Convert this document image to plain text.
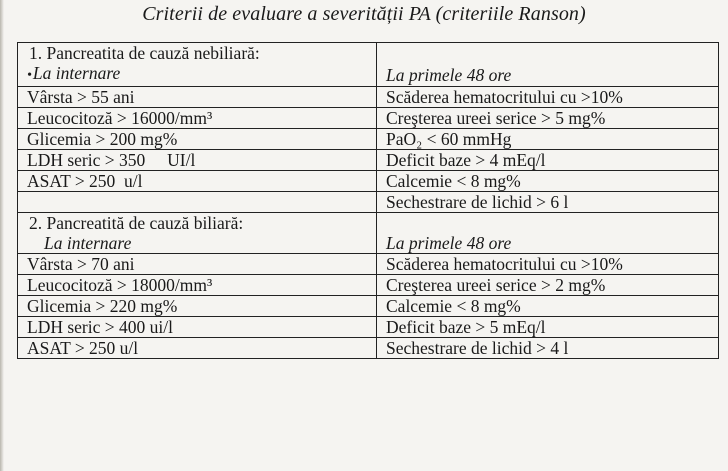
Criterii de evaluare a severității PA (criteriile Ranson)
1. Pancreatita de cauză nebiliară:	
•La internare	La primele 48 ore
Vârsta > 55 ani	Scăderea hematocritului cu >10%
Leucocitoză > 16000/mm³	Creşterea ureei serice > 5 mg%
Glicemia > 200 mg%	PaO₂ < 60 mmHg
LDH seric > 350     UI/l	Deficit baze > 4 mEq/l
ASAT > 250  u/l	Calcemie < 8 mg%
	Sechestrare de lichid > 6 l
2. Pancreatită de cauză biliară:	
La internare	La primele 48 ore
Vârsta > 70 ani	Scăderea hematocritului cu >10%
Leucocitoză > 18000/mm³	Creşterea ureei serice > 2 mg%
Glicemia > 220 mg%	Calcemie < 8 mg%
LDH seric > 400 ui/l	Deficit baze > 5 mEq/l
ASAT > 250 u/l	Sechestrare de lichid > 4 l
